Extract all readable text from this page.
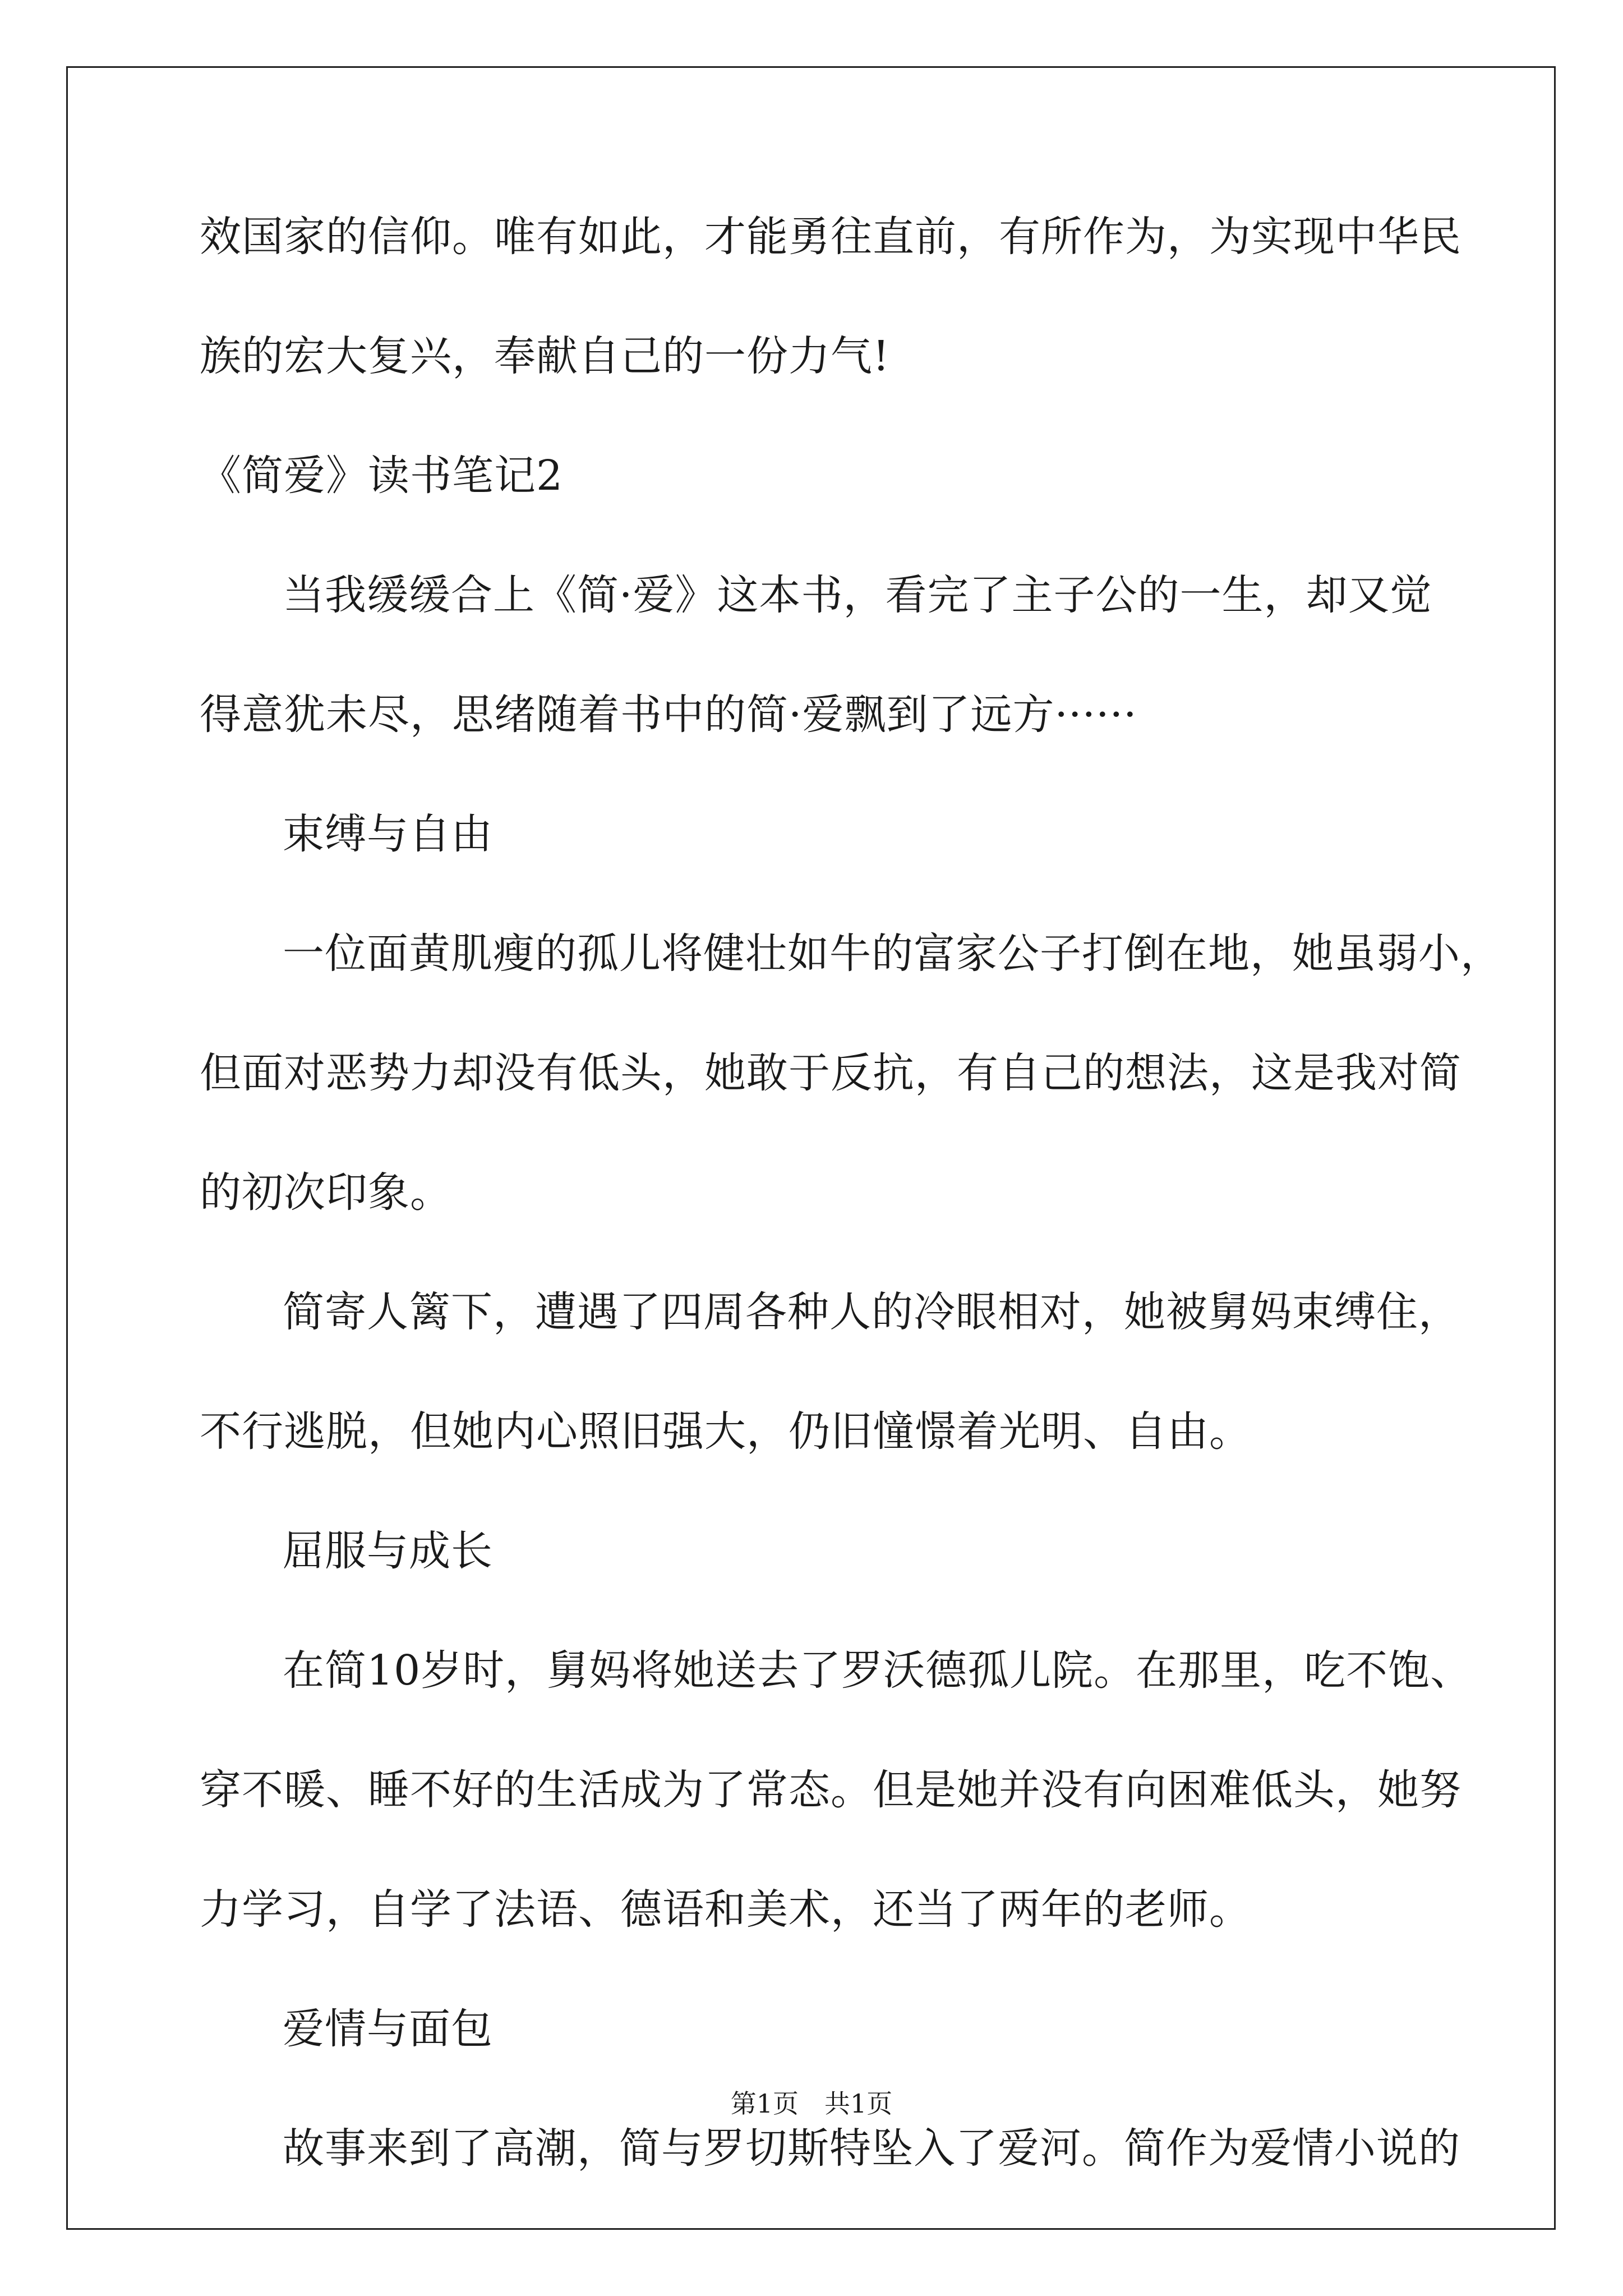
效国家的信仰。唯有如此，才能勇往直前，有所作为，为实现中华民
族的宏大复兴，奉献自己的一份力气!
《简爱》读书笔记2
当我缓缓合上《简·爱》这本书，看完了主子公的一生，却又觉
得意犹未尽，思绪随着书中的简·爱飘到了远方······
束缚与自由
一位面黄肌瘦的孤儿将健壮如牛的富家公子打倒在地，她虽弱小，
但面对恶势力却没有低头，她敢于反抗，有自己的想法，这是我对简
的初次印象。
简寄人篱下，遭遇了四周各种人的冷眼相对，她被舅妈束缚住，
不行逃脱，但她内心照旧强大，仍旧憧憬着光明、自由。
屈服与成长
在简10岁时，舅妈将她送去了罗沃德孤儿院。在那里，吃不饱、
穿不暖、睡不好的生活成为了常态。但是她并没有向困难低头，她努
力学习，自学了法语、德语和美术，还当了两年的老师。
爱情与面包
故事来到了高潮，简与罗切斯特坠入了爱河。简作为爱情小说的
第1页 共1页
